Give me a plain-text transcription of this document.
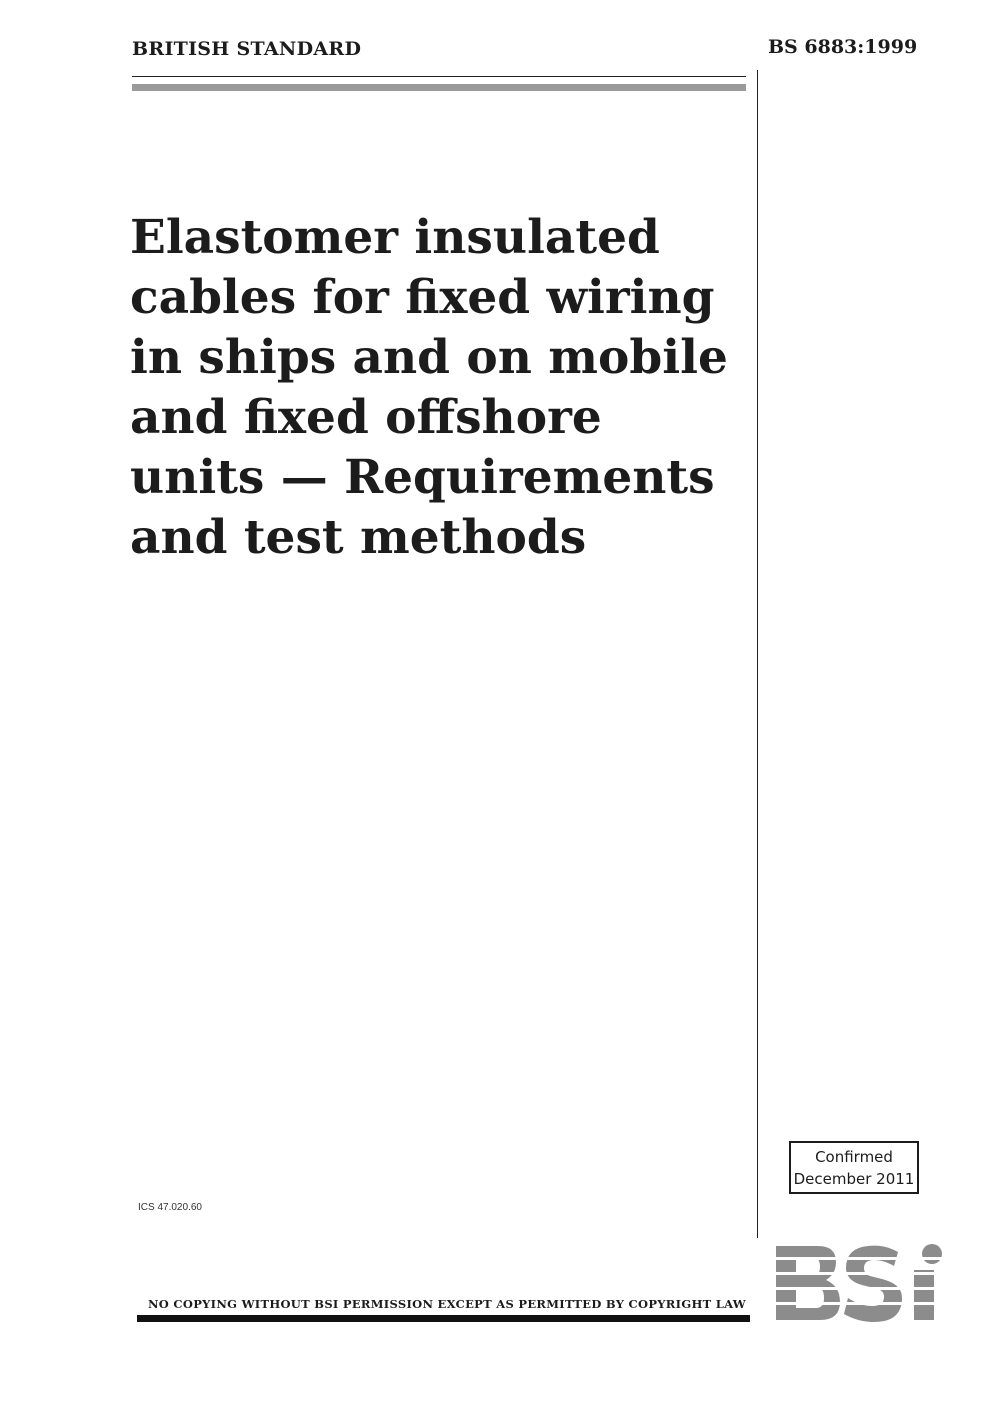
BRITISH STANDARD	BS 6883:1999
Elastomer insulated
cables for fixed wiring
in ships and on mobile
and fixed offshore
units — Requirements
and test methods
ICS 47.020.60
Confirmed
December 2011
NO COPYING WITHOUT BSI PERMISSION EXCEPT AS PERMITTED BY COPYRIGHT LAW
